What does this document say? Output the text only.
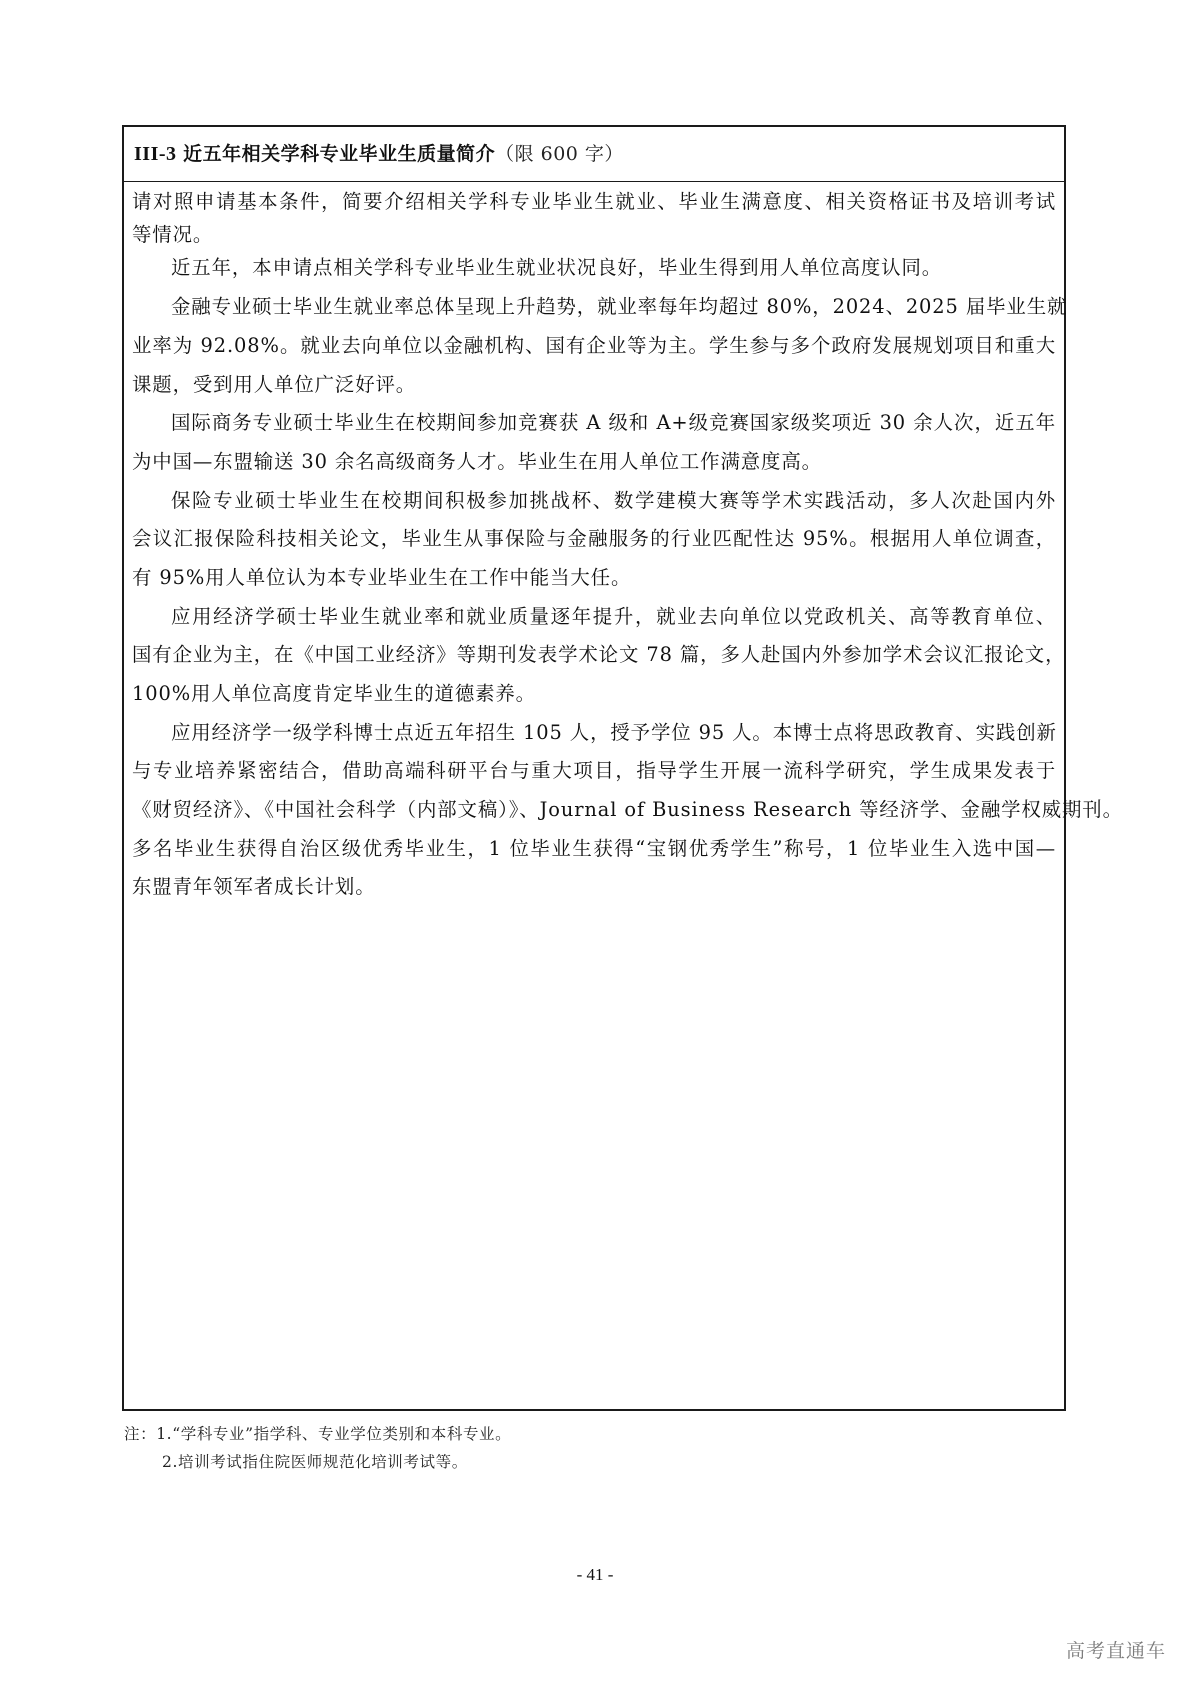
III-3 近五年相关学科专业毕业生质量简介（限 600 字）
请对照申请基本条件，简要介绍相关学科专业毕业生就业、毕业生满意度、相关资格证书及培训考试
等情况。
近五年，本申请点相关学科专业毕业生就业状况良好，毕业生得到用人单位高度认同。
金融专业硕士毕业生就业率总体呈现上升趋势，就业率每年均超过 80%，2024、2025 届毕业生就
业率为 92.08%。就业去向单位以金融机构、国有企业等为主。学生参与多个政府发展规划项目和重大
课题，受到用人单位广泛好评。
国际商务专业硕士毕业生在校期间参加竞赛获 A 级和 A+级竞赛国家级奖项近 30 余人次，近五年
为中国—东盟输送 30 余名高级商务人才。毕业生在用人单位工作满意度高。
保险专业硕士毕业生在校期间积极参加挑战杯、数学建模大赛等学术实践活动，多人次赴国内外
会议汇报保险科技相关论文，毕业生从事保险与金融服务的行业匹配性达 95%。根据用人单位调查，
有 95%用人单位认为本专业毕业生在工作中能当大任。
应用经济学硕士毕业生就业率和就业质量逐年提升，就业去向单位以党政机关、高等教育单位、
国有企业为主，在《中国工业经济》等期刊发表学术论文 78 篇，多人赴国内外参加学术会议汇报论文，
100%用人单位高度肯定毕业生的道德素养。
应用经济学一级学科博士点近五年招生 105 人，授予学位 95 人。本博士点将思政教育、实践创新
与专业培养紧密结合，借助高端科研平台与重大项目，指导学生开展一流科学研究，学生成果发表于
《财贸经济》、《中国社会科学（内部文稿）》、Journal of Business Research 等经济学、金融学权威期刊。
多名毕业生获得自治区级优秀毕业生，1 位毕业生获得“宝钢优秀学生”称号，1 位毕业生入选中国—
东盟青年领军者成长计划。
注：1.“学科专业”指学科、专业学位类别和本科专业。
2.培训考试指住院医师规范化培训考试等。
- 41 -
高考直通车
